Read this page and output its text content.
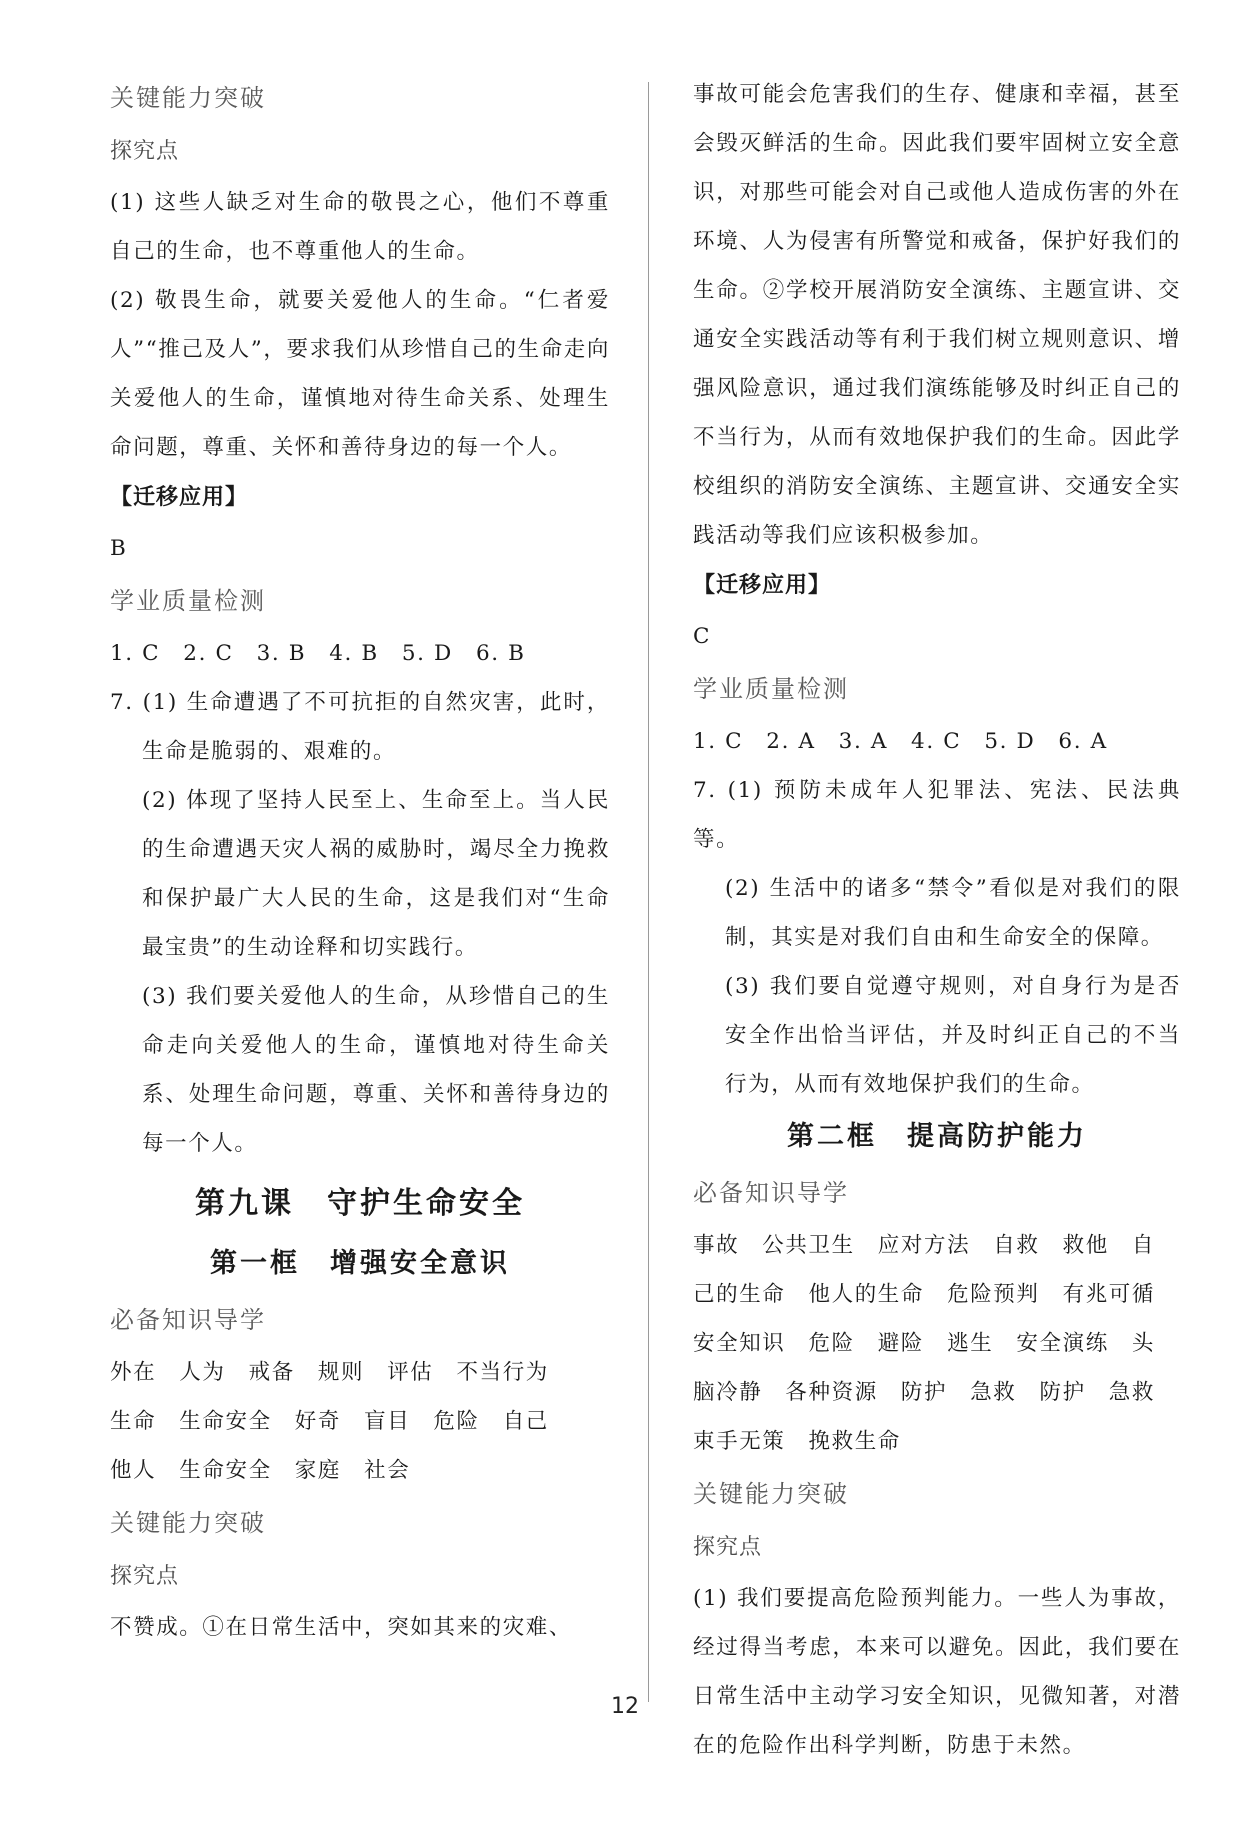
关键能力突破

探究点

(1) 这些人缺乏对生命的敬畏之心，他们不尊重自己的生命，也不尊重他人的生命。

(2) 敬畏生命，就要关爱他人的生命。“仁者爱人”“推己及人”，要求我们从珍惜自己的生命走向关爱他人的生命，谨慎地对待生命关系、处理生命问题，尊重、关怀和善待身边的每一个人。

【迁移应用】

B

学业质量检测

1. C　2. C　3. B　4. B　5. D　6. B

7. (1) 生命遭遇了不可抗拒的自然灾害，此时，生命是脆弱的、艰难的。

(2) 体现了坚持人民至上、生命至上。当人民的生命遭遇天灾人祸的威胁时，竭尽全力挽救和保护最广大人民的生命，这是我们对“生命最宝贵”的生动诠释和切实践行。

(3) 我们要关爱他人的生命，从珍惜自己的生命走向关爱他人的生命，谨慎地对待生命关系、处理生命问题，尊重、关怀和善待身边的每一个人。

第九课　守护生命安全

第一框　增强安全意识

必备知识导学

外在　人为　戒备　规则　评估　不当行为

生命　生命安全　好奇　盲目　危险　自己

他人　生命安全　家庭　社会

关键能力突破

探究点

不赞成。①在日常生活中，突如其来的灾难、

事故可能会危害我们的生存、健康和幸福，甚至会毁灭鲜活的生命。因此我们要牢固树立安全意识，对那些可能会对自己或他人造成伤害的外在环境、人为侵害有所警觉和戒备，保护好我们的生命。②学校开展消防安全演练、主题宣讲、交通安全实践活动等有利于我们树立规则意识、增强风险意识，通过我们演练能够及时纠正自己的不当行为，从而有效地保护我们的生命。因此学校组织的消防安全演练、主题宣讲、交通安全实践活动等我们应该积极参加。

【迁移应用】

C

学业质量检测

1. C　2. A　3. A　4. C　5. D　6. A

7. (1) 预防未成年人犯罪法、宪法、民法典等。

(2) 生活中的诸多“禁令”看似是对我们的限制，其实是对我们自由和生命安全的保障。

(3) 我们要自觉遵守规则，对自身行为是否安全作出恰当评估，并及时纠正自己的不当行为，从而有效地保护我们的生命。

第二框　提高防护能力

必备知识导学

事故　公共卫生　应对方法　自救　救他　自

己的生命　他人的生命　危险预判　有兆可循

安全知识　危险　避险　逃生　安全演练　头

脑冷静　各种资源　防护　急救　防护　急救

束手无策　挽救生命

关键能力突破

探究点

(1) 我们要提高危险预判能力。一些人为事故，经过得当考虑，本来可以避免。因此，我们要在日常生活中主动学习安全知识，见微知著，对潜在的危险作出科学判断，防患于未然。

12
